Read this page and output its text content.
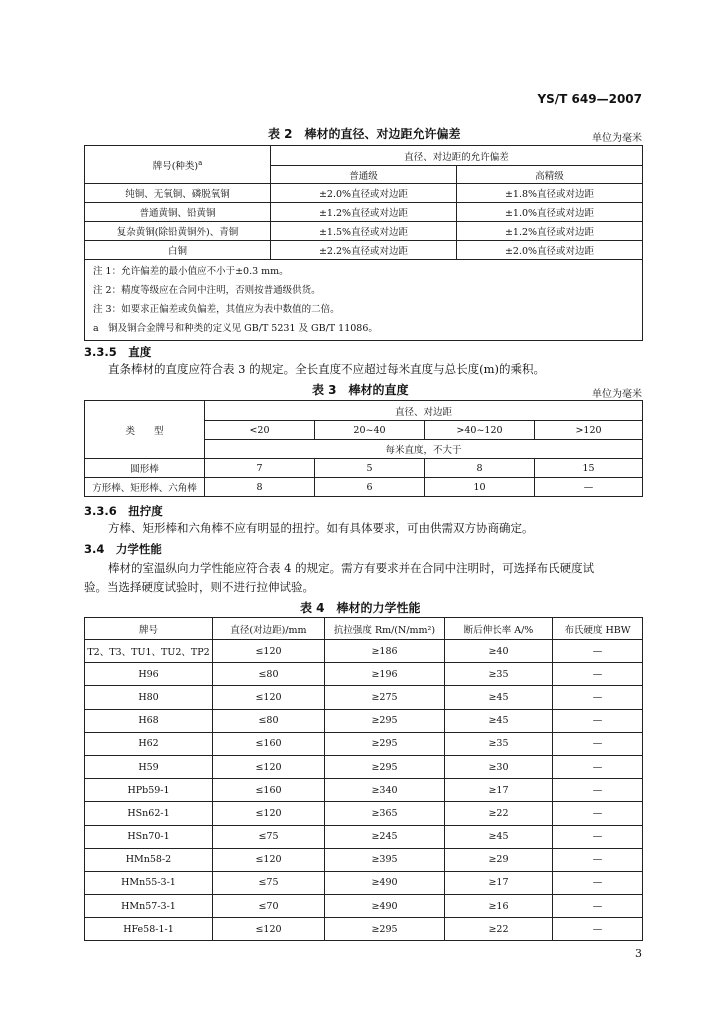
YS/T 649—2007
表 2　棒材的直径、对边距允许偏差	单位为毫米
牌号(种类)$^a$	直径、对边距的允许偏差	
	普通级	高精级
纯铜、无氧铜、磷脱氧铜	±2.0%直径或对边距	±1.8%直径或对边距
普通黄铜、铅黄铜	±1.2%直径或对边距	±1.0%直径或对边距
复杂黄铜(除铅黄铜外)、青铜	±1.5%直径或对边距	±1.2%直径或对边距
白铜	±2.2%直径或对边距	±2.0%直径或对边距

注 1：允许偏差的最小值应不小于±0.3 mm。
注 2：精度等级应在合同中注明，否则按普通级供货。
注 3：如要求正偏差或负偏差，其值应为表中数值的二倍。
a　铜及铜合金牌号和种类的定义见 GB/T 5231 及 GB/T 11086。		
3.3.5　直度
直条棒材的直度应符合表 3 的规定。全长直度不应超过每米直度与总长度(m)的乘积。
表 3　棒材的直度	单位为毫米
类　　型	直径、对边距			
	<20	20~40	>40~120	>120
	每米直度，不大于			
圆形棒	7	5	8	15
方形棒、矩形棒、六角棒	8	6	10	—
3.3.6　扭拧度
方棒、矩形棒和六角棒不应有明显的扭拧。如有具体要求，可由供需双方协商确定。
3.4　力学性能
棒材的室温纵向力学性能应符合表 4 的规定。需方有要求并在合同中注明时，可选择布氏硬度试
验。当选择硬度试验时，则不进行拉伸试验。
表 4　棒材的力学性能
牌号	直径(对边距)/mm	抗拉强度 Rm/(N/mm²)	断后伸长率 A/%	布氏硬度 HBW
T2、T3、TU1、TU2、TP2	≤120	≥186	≥40	—
H96	≤80	≥196	≥35	—
H80	≤120	≥275	≥45	—
H68	≤80	≥295	≥45	—
H62	≤160	≥295	≥35	—
H59	≤120	≥295	≥30	—
HPb59-1	≤160	≥340	≥17	—
HSn62-1	≤120	≥365	≥22	—
HSn70-1	≤75	≥245	≥45	—
HMn58-2	≤120	≥395	≥29	—
HMn55-3-1	≤75	≥490	≥17	—
HMn57-3-1	≤70	≥490	≥16	—
HFe58-1-1	≤120	≥295	≥22	—
3
